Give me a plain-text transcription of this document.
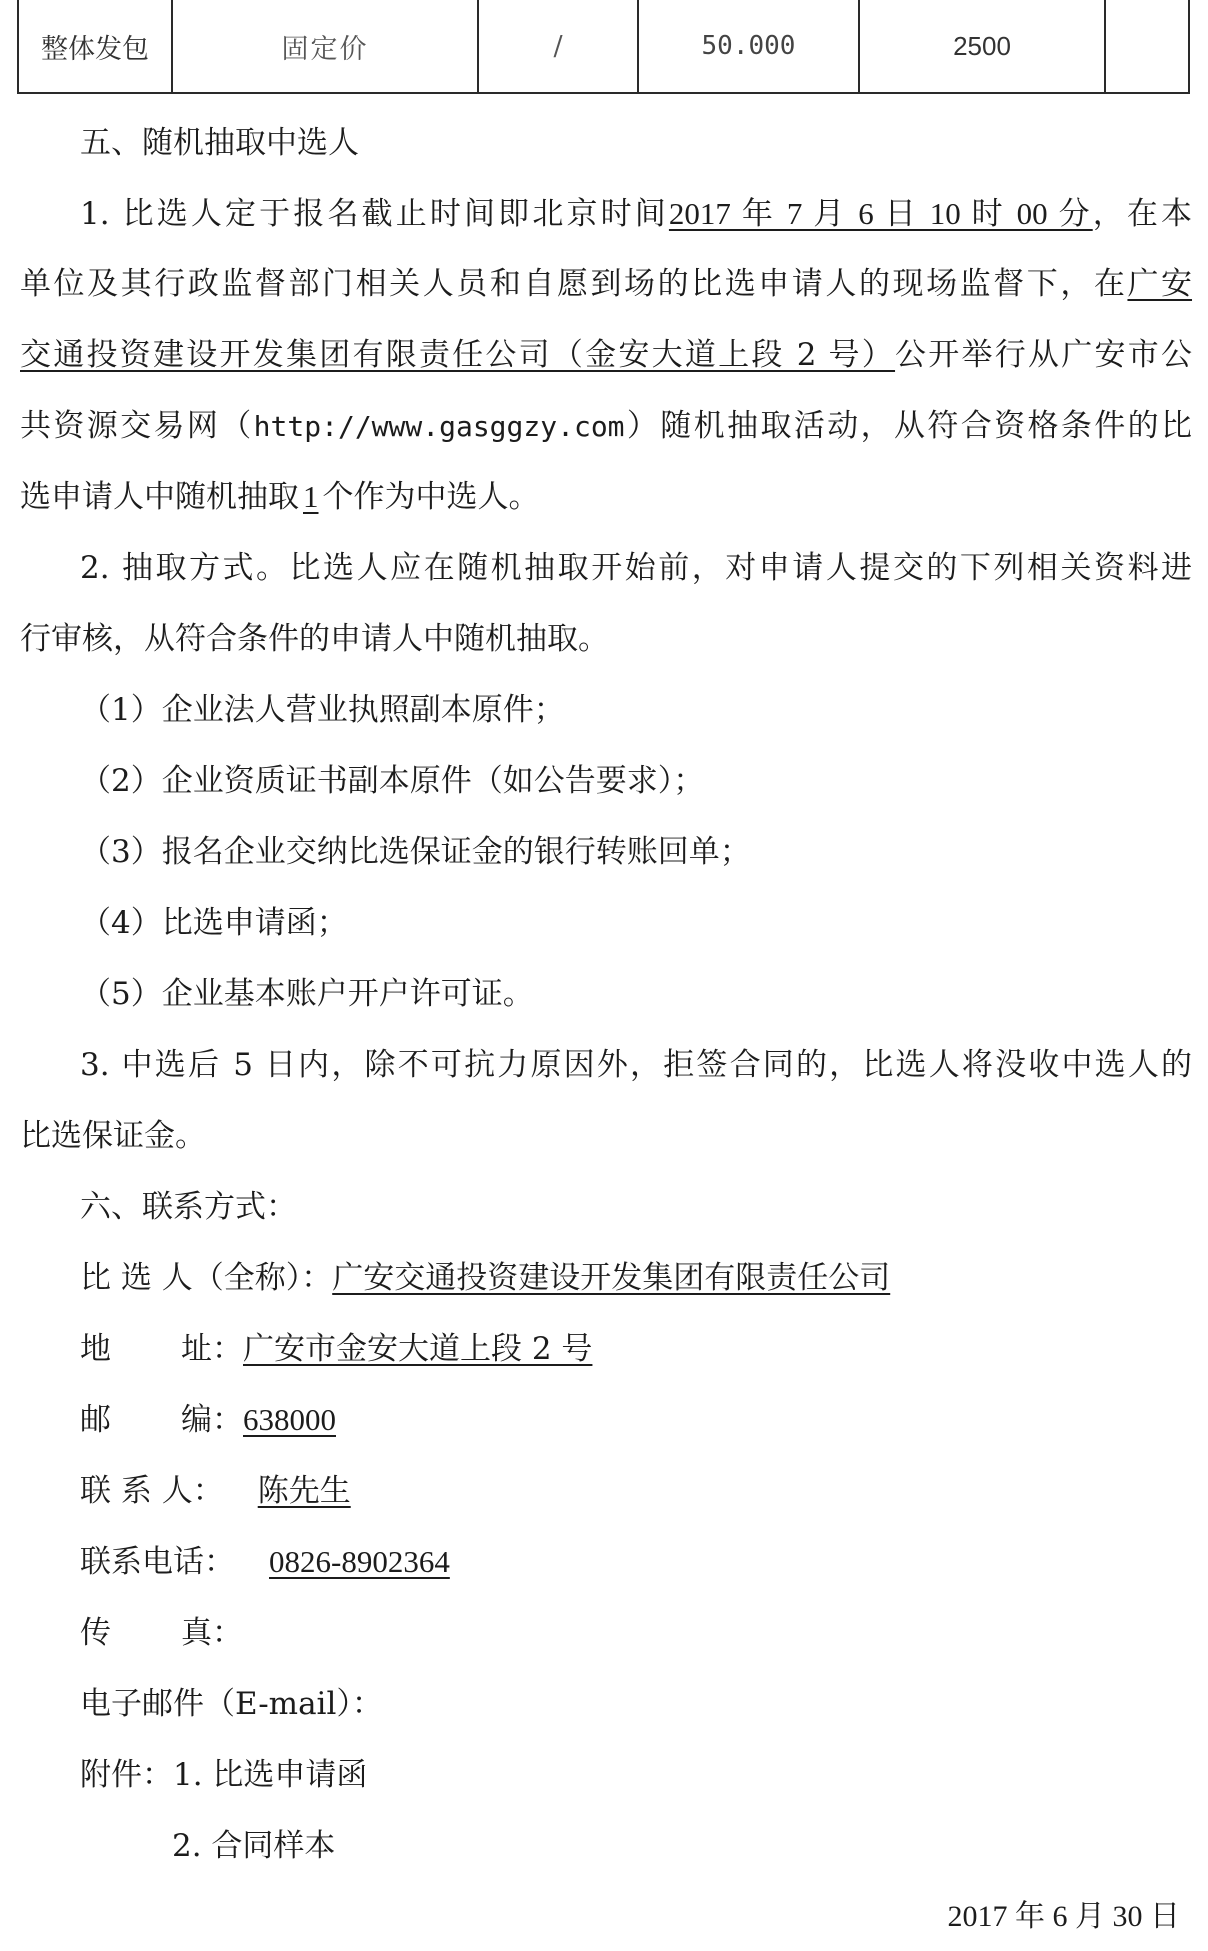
整体发包	固定价	/	50.000	2500	
五、随机抽取中选人
1. 比选人定于报名截止时间即北京时间2017 年 7 月 6 日 10 时 00 分，在本
单位及其行政监督部门相关人员和自愿到场的比选申请人的现场监督下，在广安
交通投资建设开发集团有限责任公司（金安大道上段 2 号）公开举行从广安市公
共资源交易网（http://www.gasggzy.com）随机抽取活动，从符合资格条件的比
选申请人中随机抽取 1 个作为中选人。
2. 抽取方式。比选人应在随机抽取开始前，对申请人提交的下列相关资料进
行审核，从符合条件的申请人中随机抽取。
（1）企业法人营业执照副本原件；
（2）企业资质证书副本原件（如公告要求）；
（3）报名企业交纳比选保证金的银行转账回单；
（4）比选申请函；
（5）企业基本账户开户许可证。
3. 中选后 5 日内，除不可抗力原因外，拒签合同的，比选人将没收中选人的
比选保证金。
六、联系方式：
比 选 人（全称）：广安交通投资建设开发集团有限责任公司
地 址：广安市金安大道上段 2 号
邮 编：638000
联 系 人： 陈先生
联系电话： 0826-8902364
传 真：
电子邮件（E-mail）：
附件：1. 比选申请函
2. 合同样本
2017 年 6 月 30 日
